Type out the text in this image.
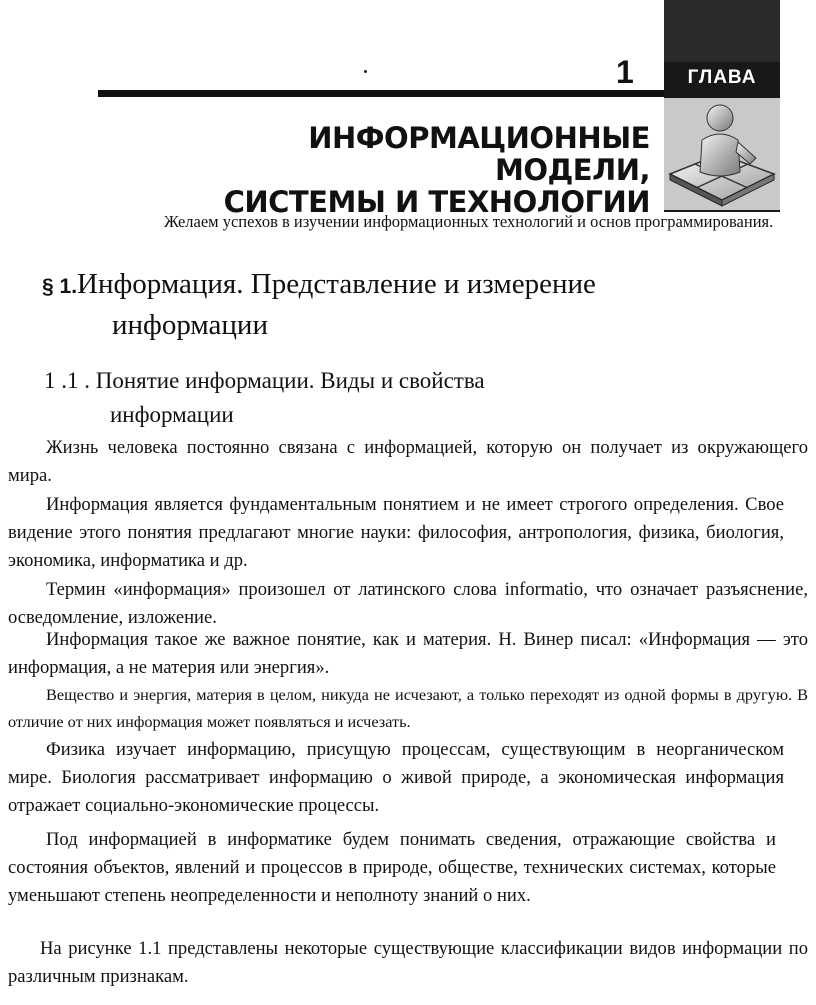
1	ГЛАВА
ИНФОРМАЦИОННЫЕ
МОДЕЛИ,
СИСТЕМЫ И ТЕХНОЛОГИИ
Желаем успехов в изучении информационных технологий и основ программирования.
§ 1.Информация. Представление и измерение
информации
1 .1 . Понятие информации. Виды и свойства
информации

Жизнь человека постоянно связана с информацией, которую он получает из окружающего мира.

Информация является фундаментальным понятием и не имеет строгого определения. Свое видение этого понятия предлагают многие науки: философия, антропология, физика, биология, экономика, информатика и др.

Термин «информация» произошел от латинского слова informatio, что означает разъяснение, осведомление, изложение.

Информация такое же важное понятие, как и материя. Н. Винер писал: «Информация — это информация, а не материя или энергия».

Вещество и энергия, материя в целом, никуда не исчезают, а только переходят из одной формы в другую. В отличие от них информация может появляться и исчезать.

Физика изучает информацию, присущую процессам, существующим в неорганическом мире. Биология рассматривает информацию о живой природе, а экономическая информация отражает социально-экономические процессы.

Под информацией в информатике будем понимать сведения, отражающие свойства и состояния объектов, явлений и процессов в природе, обществе, технических системах, которые уменьшают степень неопределенности и неполноту знаний о них.

На рисунке 1.1 представлены некоторые существующие классификации видов информации по различным признакам.
